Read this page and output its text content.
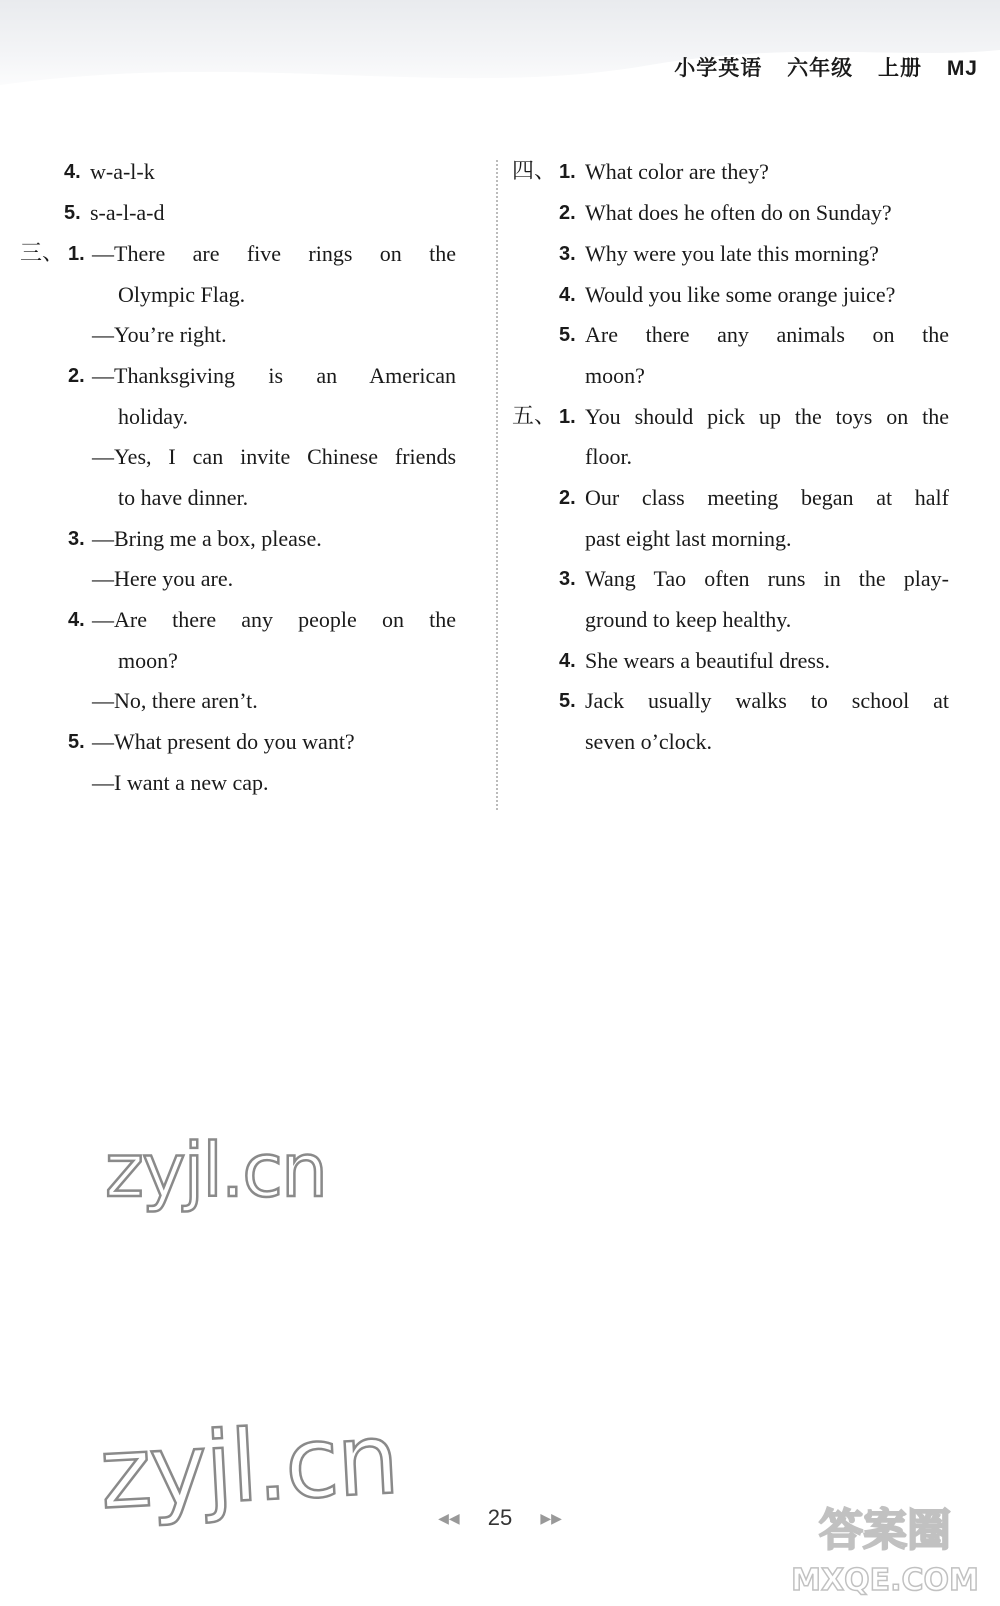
小学英语 六年级 上册 MJ
4. w-a-l-k
5. s-a-l-a-d
三、 1. —There are five rings on the
Olympic Flag.
—You’re right.
2. —Thanksgiving is an American
holiday.
—Yes, I can invite Chinese friends
to have dinner.
3. —Bring me a box, please.
—Here you are.
4. —Are there any people on the
moon?
—No, there aren’t.
5. —What present do you want?
—I want a new cap.
四、 1. What color are they?
2. What does he often do on Sunday?
3. Why were you late this morning?
4. Would you like some orange juice?
5. Are there any animals on the
moon?
五、 1. You should pick up the toys on the
floor.
2. Our class meeting began at half
past eight last morning.
3. Wang Tao often runs in the play-
ground to keep healthy.
4. She wears a beautiful dress.
5. Jack usually walks to school at
seven o’clock.
zyjl.cn
zyjl.cn	◀◀ 25 ▶▶	答案圈
MXQE.COM
